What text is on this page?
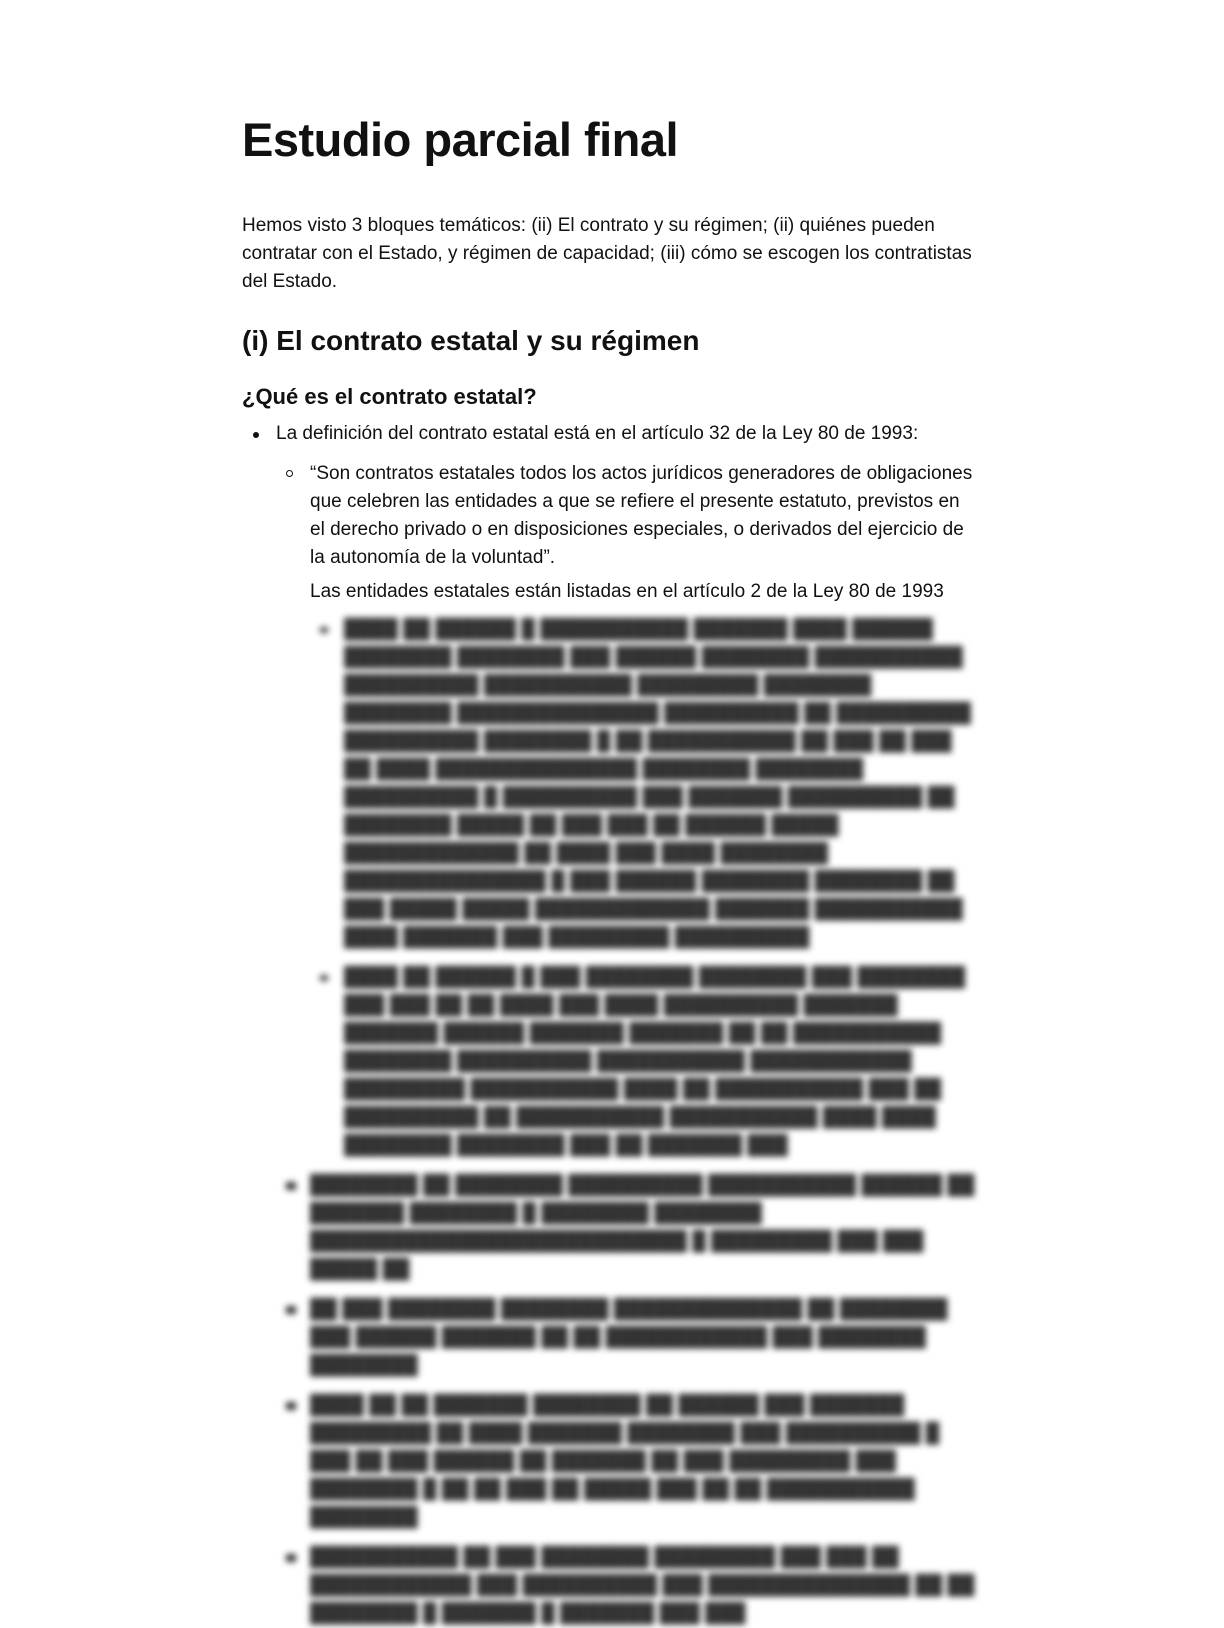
Estudio parcial final

Hemos visto 3 bloques temáticos: (ii) El contrato y su régimen; (ii) quiénes pueden contratar con el Estado, y régimen de capacidad; (iii) cómo se escogen los contratistas del Estado.

(i) El contrato estatal y su régimen
¿Qué es el contrato estatal?
La definición del contrato estatal está en el artículo 32 de la Ley 80 de 1993:
“Son contratos estatales todos los actos jurídicos generadores de obligaciones que celebren las entidades a que se refiere el presente estatuto, previstos en el derecho privado o en disposiciones especiales, o derivados del ejercicio de la autonomía de la voluntad”.
Las entidades estatales están listadas en el artículo 2 de la Ley 80 de 1993
████ ██ ██████ █ ███████████ ███████ ████ ██████ ████████ ████████ ███ ██████ ████████ ███████████ ██████████ ███████████ █████████ ████████ ████████ ███████████████ ██████████ ██ ██████████ ██████████ ████████ █ ██ ███████████ ██ ███ ██ ███ ██ ████ ███████████████ ████████ ████████ ██████████ █ ██████████ ███ ███████ ██████████ ██ ████████ █████ ██ ███ ███ ██ ██████ █████ █████████████ ██ ████ ███ ████ ████████ ███████████████ █ ███ ██████ ████████ ████████ ██ ███ █████ █████ █████████████ ███████ ███████████ ████ ███████ ███ █████████ ██████████
████ ██ ██████ █ ███ ████████ ████████ ███ ████████ ███ ███ ██ ██ ████ ███ ████ ██████████ ███████ ███████ ██████ ███████ ███████ ██ ██ ███████████ ████████ ██████████ ███████████ ████████████ █████████ ███████████ ████ ██ ███████████ ███ ██ ██████████ ██ ███████████ ███████████ ████ ████ ████████ ████████ ███ ██ ███████ ███
████████ ██ ████████ ██████████ ███████████ ██████ ██ ███████ ████████ █ ████████ ████████ ████████████████████████████ █ █████████ ███ ███ █████ ██
██ ███ ████████ ████████ ██████████████ ██ ████████ ███ ██████ ███████ ██ ██ ████████████ ███ ████████ ████████
████ ██ ██ ███████ ████████ ██ ██████ ███ ███████ █████████ ██ ████ ███████ ████████ ███ ██████████ █ ███ ██ ███ ██████ ██ ███████ ██ ███ █████████ ███ ████████ █ ██ ██ ███ ██ █████ ███ ██ ██ ███████████ ████████
███████████ ██ ███ ████████ █████████ ███ ███ ██ ████████████ ███ ██████████ ███ ███████████████ ██ ██ ████████ █ ███████ █ ███████ ███ ███
